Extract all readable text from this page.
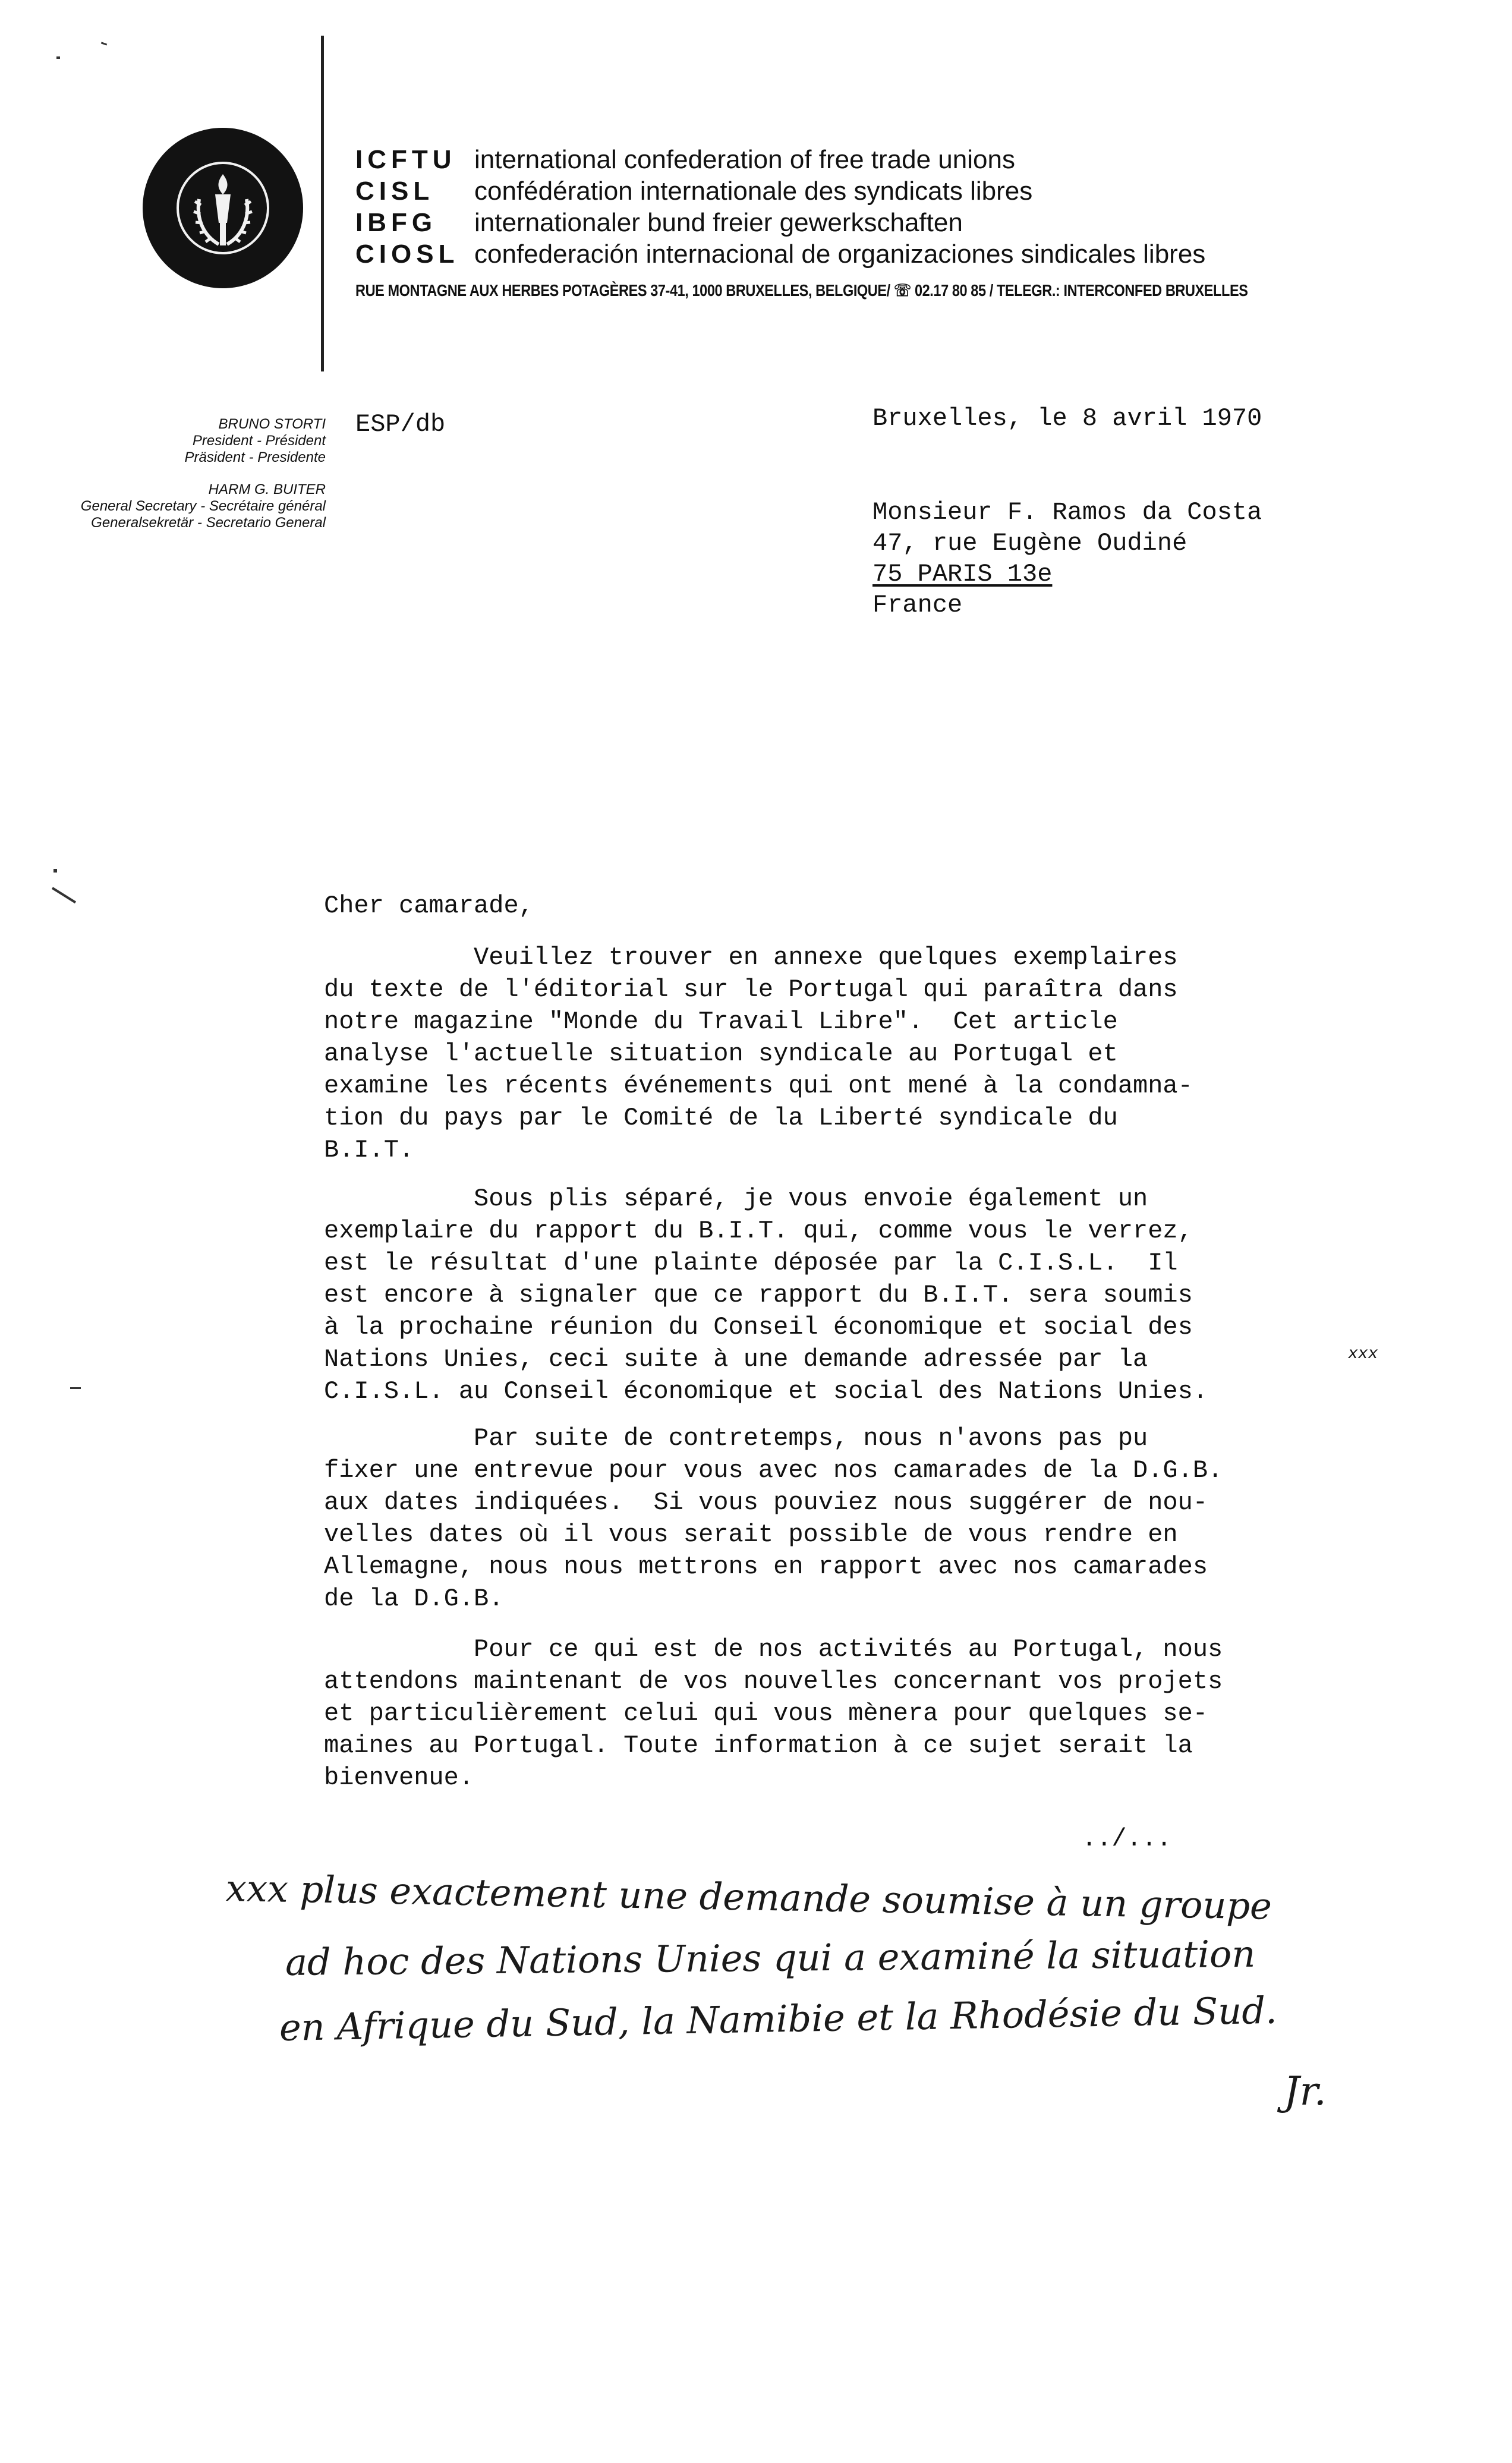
ICFTU international confederation of free trade unions
CISL confédération internationale des syndicats libres
IBFG internationaler bund freier gewerkschaften
CIOSL confederación internacional de organizaciones sindicales libres
RUE MONTAGNE AUX HERBES POTAGÈRES 37-41, 1000 BRUXELLES, BELGIQUE/ ☏ 02.17 80 85 / TELEGR.: INTERCONFED BRUXELLES
BRUNO STORTI
President - Président
Präsident - Presidente
HARM G. BUITER
General Secretary - Secrétaire général
Generalsekretär - Secretario General
ESP/db	Bruxelles, le 8 avril 1970
Monsieur F. Ramos da Costa
47, rue Eugène Oudiné
75 PARIS 13e
France
Cher camarade,
Veuillez trouver en annexe quelques exemplaires
du texte de l'éditorial sur le Portugal qui paraîtra dans
notre magazine "Monde du Travail Libre".  Cet article
analyse l'actuelle situation syndicale au Portugal et
examine les récents événements qui ont mené à la condamna-
tion du pays par le Comité de la Liberté syndicale du
B.I.T.
Sous plis séparé, je vous envoie également un
exemplaire du rapport du B.I.T. qui, comme vous le verrez,
est le résultat d'une plainte déposée par la C.I.S.L.  Il
est encore à signaler que ce rapport du B.I.T. sera soumis
à la prochaine réunion du Conseil économique et social des
Nations Unies, ceci suite à une demande adressée par la
C.I.S.L. au Conseil économique et social des Nations Unies.
xxx
Par suite de contretemps, nous n'avons pas pu
fixer une entrevue pour vous avec nos camarades de la D.G.B.
aux dates indiquées.  Si vous pouviez nous suggérer de nou-
velles dates où il vous serait possible de vous rendre en
Allemagne, nous nous mettrons en rapport avec nos camarades
de la D.G.B.
Pour ce qui est de nos activités au Portugal, nous
attendons maintenant de vos nouvelles concernant vos projets
et particulièrement celui qui vous mènera pour quelques se-
maines au Portugal. Toute information à ce sujet serait la
bienvenue.
../...
xxx plus exactement une demande soumise à un groupe
ad hoc des Nations Unies qui a examiné la situation
en Afrique du Sud, la Namibie et la Rhodésie du Sud.
Jr.
